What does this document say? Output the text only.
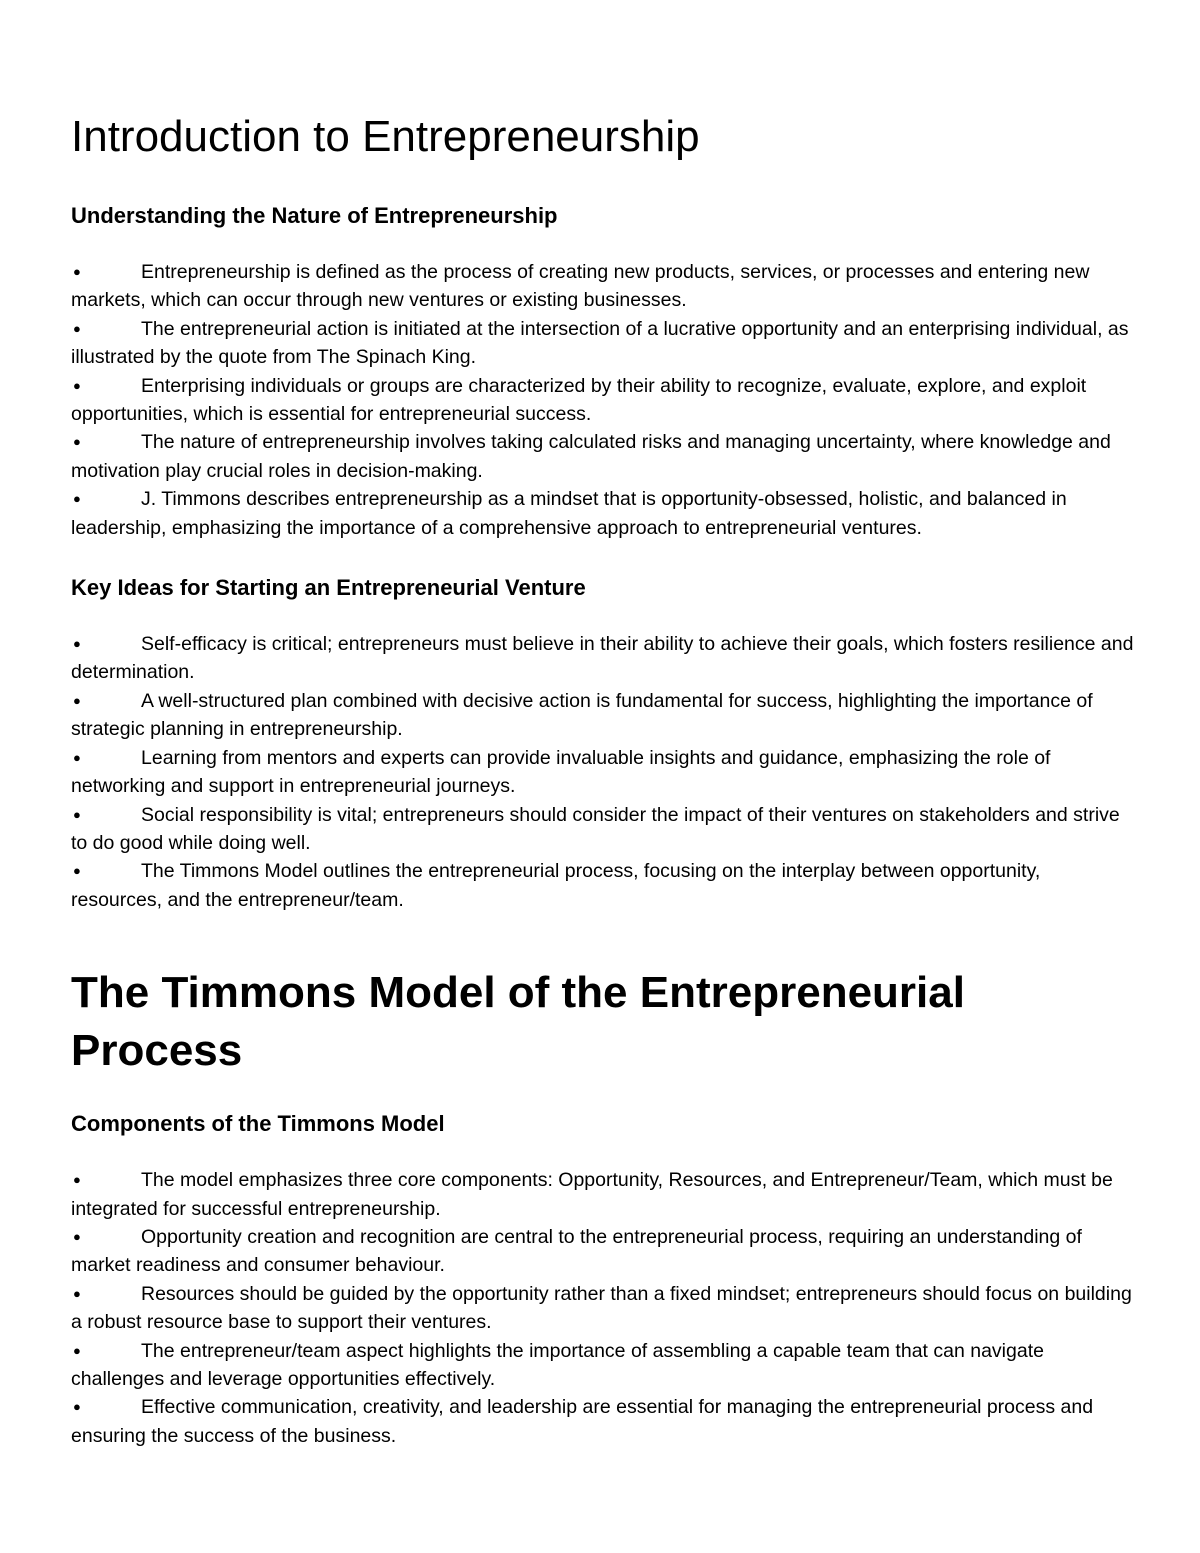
Introduction to Entrepreneurship
Understanding the Nature of Entrepreneurship
●	Entrepreneurship is defined as the process of creating new products, services, or processes and entering new markets, which can occur through new ventures or existing businesses.
●	The entrepreneurial action is initiated at the intersection of a lucrative opportunity and an enterprising individual, as illustrated by the quote from The Spinach King.
●	Enterprising individuals or groups are characterized by their ability to recognize, evaluate, explore, and exploit opportunities, which is essential for entrepreneurial success.
●	The nature of entrepreneurship involves taking calculated risks and managing uncertainty, where knowledge and motivation play crucial roles in decision-making.
●	J. Timmons describes entrepreneurship as a mindset that is opportunity-obsessed, holistic, and balanced in leadership, emphasizing the importance of a comprehensive approach to entrepreneurial ventures.
Key Ideas for Starting an Entrepreneurial Venture
●	Self-efficacy is critical; entrepreneurs must believe in their ability to achieve their goals, which fosters resilience and determination.
●	A well-structured plan combined with decisive action is fundamental for success, highlighting the importance of strategic planning in entrepreneurship.
●	Learning from mentors and experts can provide invaluable insights and guidance, emphasizing the role of networking and support in entrepreneurial journeys.
●	Social responsibility is vital; entrepreneurs should consider the impact of their ventures on stakeholders and strive to do good while doing well.
●	The Timmons Model outlines the entrepreneurial process, focusing on the interplay between opportunity, resources, and the entrepreneur/team.
The Timmons Model of the Entrepreneurial Process
Components of the Timmons Model
●	The model emphasizes three core components: Opportunity, Resources, and Entrepreneur/Team, which must be integrated for successful entrepreneurship.
●	Opportunity creation and recognition are central to the entrepreneurial process, requiring an understanding of market readiness and consumer behaviour.
●	Resources should be guided by the opportunity rather than a fixed mindset; entrepreneurs should focus on building a robust resource base to support their ventures.
●	The entrepreneur/team aspect highlights the importance of assembling a capable team that can navigate challenges and leverage opportunities effectively.
●	Effective communication, creativity, and leadership are essential for managing the entrepreneurial process and ensuring the success of the business.
